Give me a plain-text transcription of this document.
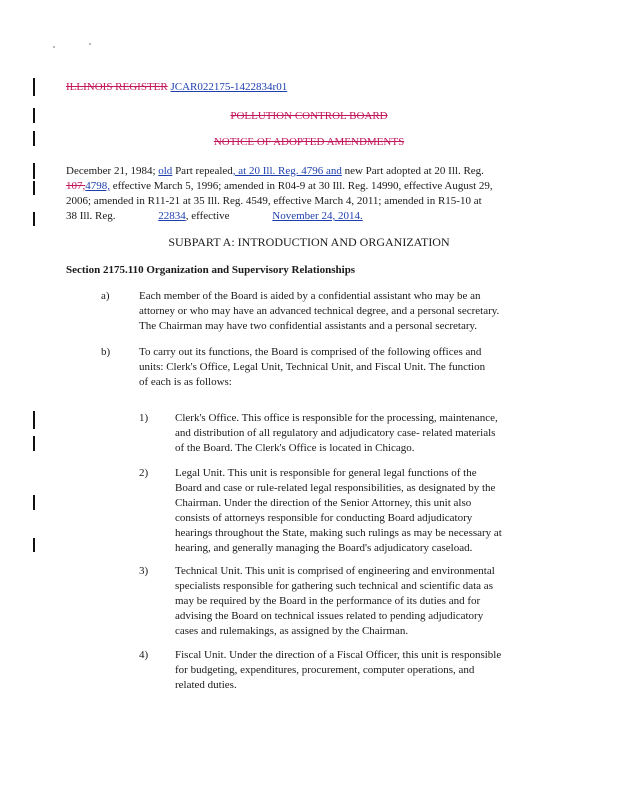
ILLINOIS REGISTER JCAR022175-1422834r01
POLLUTION CONTROL BOARD
NOTICE OF ADOPTED AMENDMENTS
December 21, 1984; old Part repealed, at 20 Ill. Reg. 4796 and new Part adopted at 20 Ill. Reg.
107,4798, effective March 5, 1996; amended in R04-9 at 30 Ill. Reg. 14990, effective August 29,
2006; amended in R11-21 at 35 Ill. Reg. 4549, effective March 4, 2011; amended in R15-10 at
38 Ill. Reg.	22834, effective	November 24, 2014.
SUBPART A: INTRODUCTION AND ORGANIZATION
Section 2175.110 Organization and Supervisory Relationships
a)	Each member of the Board is aided by a confidential assistant who may be an
attorney or who may have an advanced technical degree, and a personal secretary.
The Chairman may have two confidential assistants and a personal secretary.
b)	To carry out its functions, the Board is comprised of the following offices and
units: Clerk's Office, Legal Unit, Technical Unit, and Fiscal Unit. The function
of each is as follows:
1)	Clerk's Office. This office is responsible for the processing, maintenance,
and distribution of all regulatory and adjudicatory case- related materials
of the Board. The Clerk's Office is located in Chicago.
2)	Legal Unit. This unit is responsible for general legal functions of the
Board and case or rule-related legal responsibilities, as designated by the
Chairman. Under the direction of the Senior Attorney, this unit also
consists of attorneys responsible for conducting Board adjudicatory
hearings throughout the State, making such rulings as may be necessary at
hearing, and generally managing the Board's adjudicatory caseload.
3)	Technical Unit. This unit is comprised of engineering and environmental
specialists responsible for gathering such technical and scientific data as
may be required by the Board in the performance of its duties and for
advising the Board on technical issues related to pending adjudicatory
cases and rulemakings, as assigned by the Chairman.
4)	Fiscal Unit. Under the direction of a Fiscal Officer, this unit is responsible
for budgeting, expenditures, procurement, computer operations, and
related duties.
